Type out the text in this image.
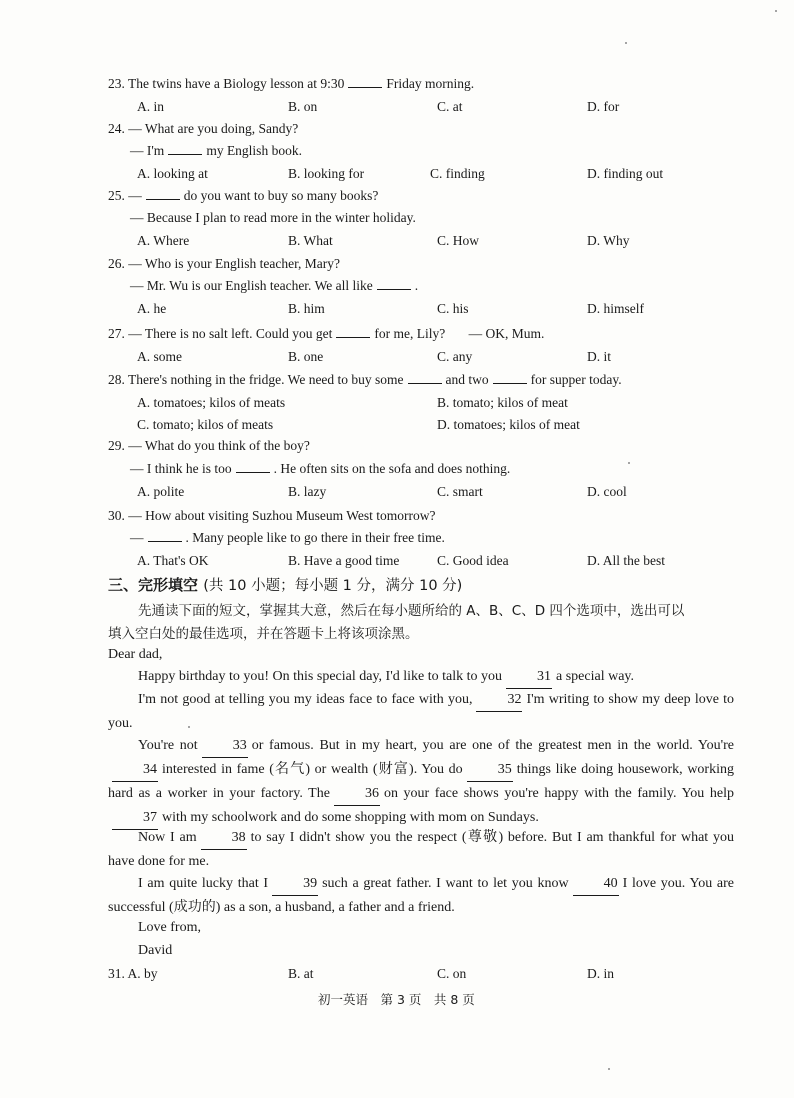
23. The twins have a Biology lesson at 9:30	Friday morning.
A. in	B. on	C. at	D. for
24. — What are you doing, Sandy?
— I'm	my English book.
A. looking at	B. looking for	C. finding	D. finding out
25. —	do you want to buy so many books?
— Because I plan to read more in the winter holiday.
A. Where	B. What	C. How	D. Why
26. — Who is your English teacher, Mary?
— Mr. Wu is our English teacher. We all like	.
A. he	B. him	C. his	D. himself
27. — There is no salt left. Could you get	for me, Lily? — OK, Mum.
A. some	B. one	C. any	D. it
28. There's nothing in the fridge. We need to buy some	and two	for supper today.
A. tomatoes; kilos of meats	B. tomato; kilos of meat
C. tomato; kilos of meats	D. tomatoes; kilos of meat
29. — What do you think of the boy?
— I think he is too	. He often sits on the sofa and does nothing.
A. polite	B. lazy	C. smart	D. cool
30. — How about visiting Suzhou Museum West tomorrow?
—	. Many people like to go there in their free time.
A. That's OK	B. Have a good time	C. Good idea	D. All the best
三、完形填空 (共 10 小题；每小题 1 分，满分 10 分)
先通读下面的短文，掌握其大意，然后在每小题所给的 A、B、C、D 四个选项中，选出可以
填入空白处的最佳选项，并在答题卡上将该项涂黑。
Dear dad,
Happy birthday to you! On this special day, I'd like to talk to you	31 a special way.
I'm not good at telling you my ideas face to face with you,	32 I'm writing to show my deep love to you.
You're not	33 or famous. But in my heart, you are one of the greatest men in the world. You're34 interested in fame (名气) or wealth (财富). You do	35 things like doing housework, working hard as a worker in your factory. The	36 on your face shows you're happy with the family. You help37 with my schoolwork and do some shopping with mom on Sundays.
Now I am	38 to say I didn't show you the respect (尊敬) before. But I am thankful for what you have done for me.
I am quite lucky that I	39 such a great father. I want to let you know	40 I love you. You are successful (成功的) as a son, a husband, a father and a friend.
Love from,
David
31. A. by	B. at	C. on	D. in
初一英语　第 3 页　共 8 页
